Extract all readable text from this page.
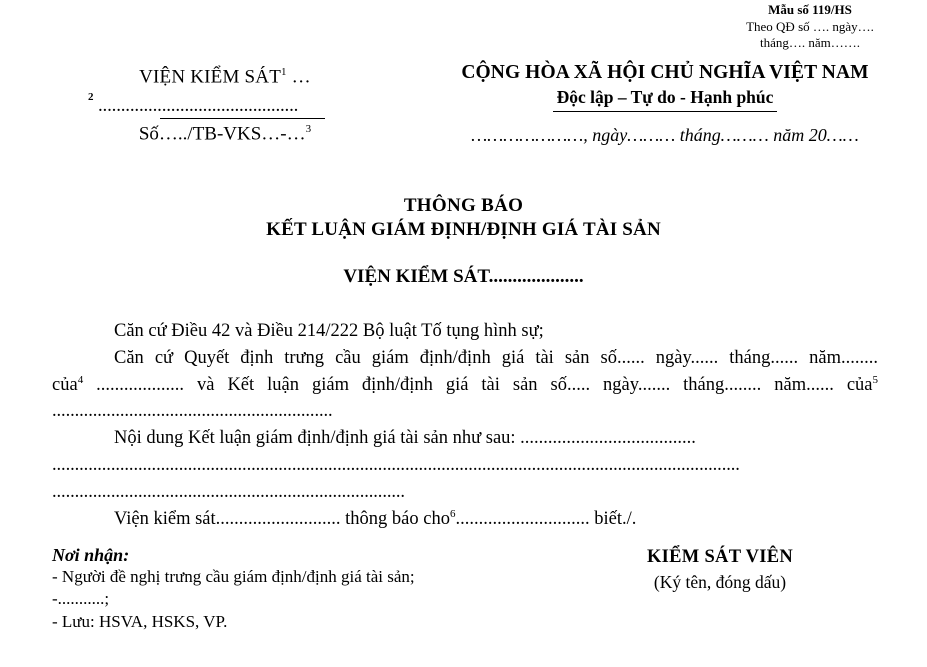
Mẫu số 119/HS
Theo QĐ số …. ngày….
tháng…. năm…….
VIỆN KIỂM SÁT$^1$ …
2 ............................................
Số…../TB-VKS…-…$^3$
CỘNG HÒA XÃ HỘI CHỦ NGHĨA VIỆT NAM
Độc lập – Tự do - Hạnh phúc
…………………, ngày……… tháng……… năm 20……
THÔNG BÁO
KẾT LUẬN GIÁM ĐỊNH/ĐỊNH GIÁ TÀI SẢN
VIỆN KIỂM SÁT....................

Căn cứ Điều 42 và Điều 214/222 Bộ luật Tố tụng hình sự;

Căn cứ Quyết định trưng cầu giám định/định giá tài sản số...... ngày...... tháng...... năm........

của$^4$ ................... và Kết luận giám định/định giá tài sản số..... ngày....... tháng........ năm...... của$^5$

..............................................................

Nội dung Kết luận giám định/định giá tài sản như sau: ......................................

........................................................................................................................................................

..............................................................................

Viện kiểm sát........................... thông báo cho$^6$............................. biết./.

Nơi nhận:
- Người đề nghị trưng cầu giám định/định giá tài sản;
-...........;
- Lưu: HSVA, HSKS, VP.
KIỂM SÁT VIÊN
(Ký tên, đóng dấu)
